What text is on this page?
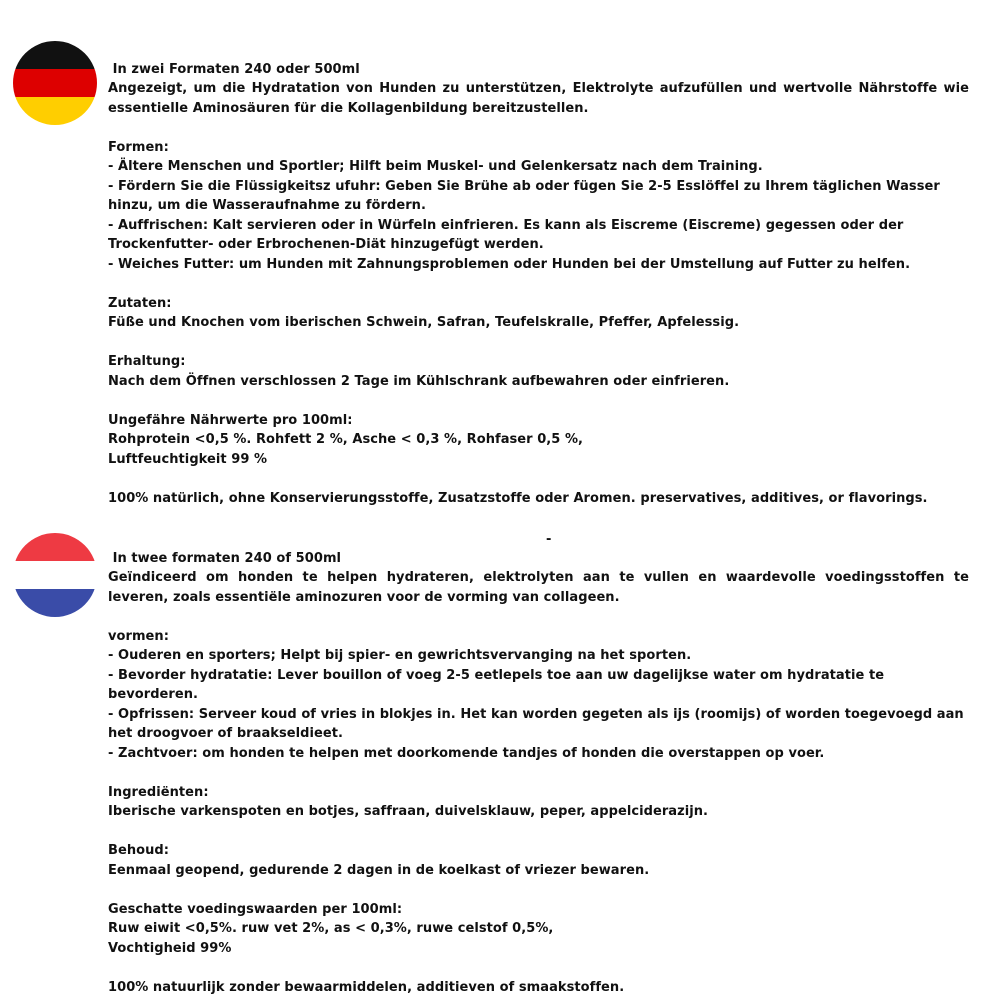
In zwei Formaten 240 oder 500ml

Angezeigt, um die Hydratation von Hunden zu unterstützen, Elektrolyte aufzufüllen und wertvolle Nährstoffe wie essentielle Aminosäuren für die Kollagenbildung bereitzustellen.

Formen:

- Ältere Menschen und Sportler; Hilft beim Muskel- und Gelenkersatz nach dem Training.

- Fördern Sie die Flüssigkeitsz ufuhr: Geben Sie Brühe ab oder fügen Sie 2-5 Esslöffel zu Ihrem täglichen Wasser hinzu, um die Wasseraufnahme zu fördern.

- Auffrischen: Kalt servieren oder in Würfeln einfrieren. Es kann als Eiscreme (Eiscreme) gegessen oder der Trockenfutter- oder Erbrochenen-Diät hinzugefügt werden.

- Weiches Futter: um Hunden mit Zahnungsproblemen oder Hunden bei der Umstellung auf Futter zu helfen.

Zutaten:

Füße und Knochen vom iberischen Schwein, Safran, Teufelskralle, Pfeffer, Apfelessig.

Erhaltung:

Nach dem Öffnen verschlossen 2 Tage im Kühlschrank aufbewahren oder einfrieren.

Ungefähre Nährwerte pro 100ml:

Rohprotein <0,5 %. Rohfett 2 %, Asche < 0,3 %, Rohfaser 0,5 %,

Luftfeuchtigkeit 99 %

100% natürlich, ohne Konservierungsstoffe, Zusatzstoffe oder Aromen. preservatives, additives, or flavorings.

-

In twee formaten 240 of 500ml

Geïndiceerd om honden te helpen hydrateren, elektrolyten aan te vullen en waardevolle voedingsstoffen te leveren, zoals essentiële aminozuren voor de vorming van collageen.

vormen:

- Ouderen en sporters; Helpt bij spier- en gewrichtsvervanging na het sporten.

- Bevorder hydratatie: Lever bouillon of voeg 2-5 eetlepels toe aan uw dagelijkse water om hydratatie te bevorderen.

- Opfrissen: Serveer koud of vries in blokjes in. Het kan worden gegeten als ijs (roomijs) of worden toegevoegd aan het droogvoer of braakseldieet.

- Zachtvoer: om honden te helpen met doorkomende tandjes of honden die overstappen op voer.

Ingrediënten:

Iberische varkenspoten en botjes, saffraan, duivelsklauw, peper, appelciderazijn.

Behoud:

Eenmaal geopend, gedurende 2 dagen in de koelkast of vriezer bewaren.

Geschatte voedingswaarden per 100ml:

Ruw eiwit <0,5%. ruw vet 2%, as < 0,3%, ruwe celstof 0,5%,

Vochtigheid 99%

100% natuurlijk zonder bewaarmiddelen, additieven of smaakstoffen.
